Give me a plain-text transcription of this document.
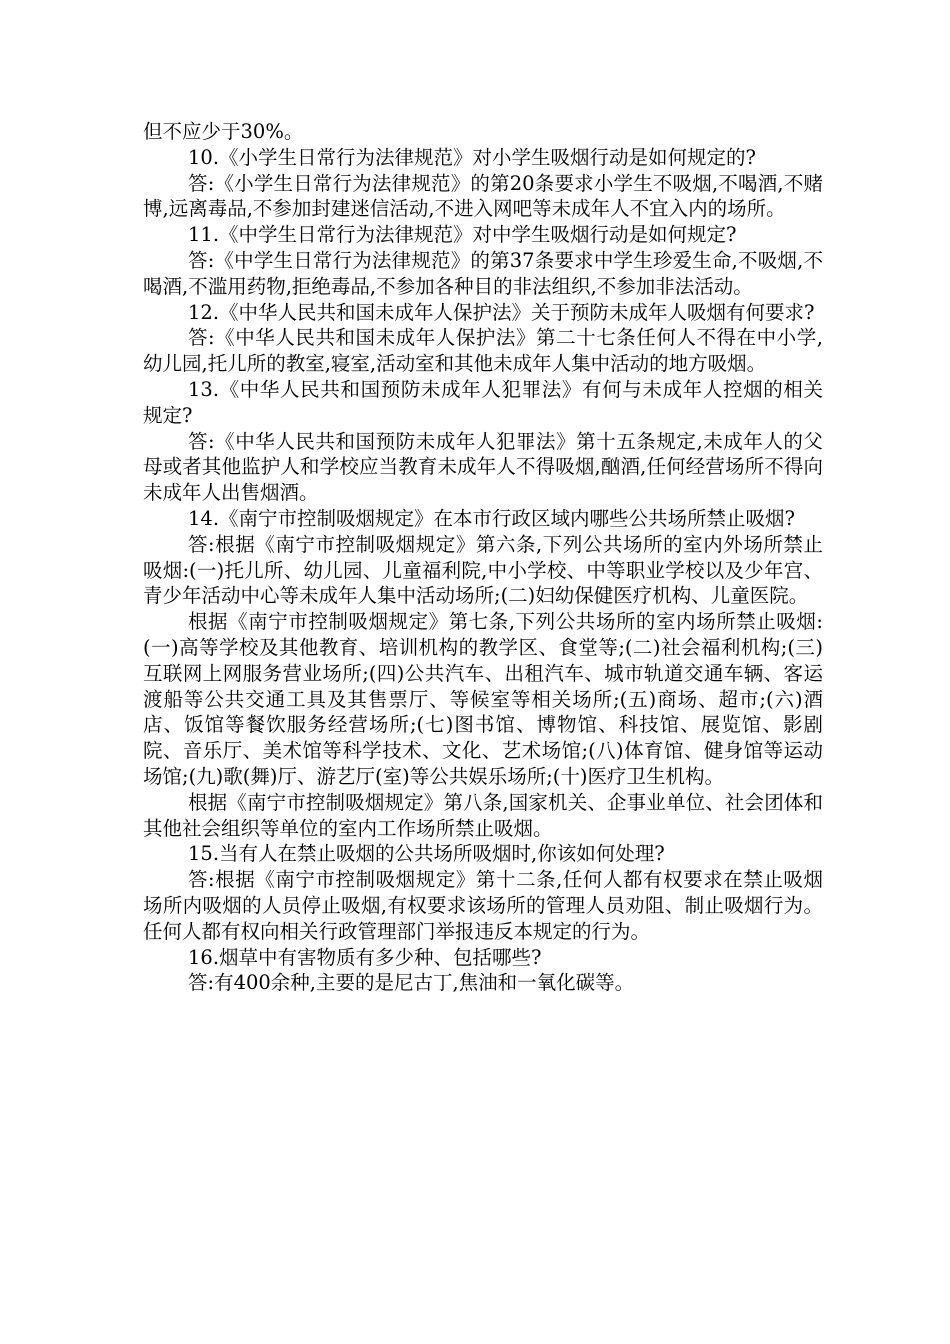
但不应少于30%。

10.《小学生日常行为法律规范》对小学生吸烟行动是如何规定的?

答:《小学生日常行为法律规范》的第20条要求小学生不吸烟,不喝酒,不赌博,远离毒品,不参加封建迷信活动,不进入网吧等未成年人不宜入内的场所。

11.《中学生日常行为法律规范》对中学生吸烟行动是如何规定?

答:《中学生日常行为法律规范》的第37条要求中学生珍爱生命,不吸烟,不喝酒,不滥用药物,拒绝毒品,不参加各种目的非法组织,不参加非法活动。

12.《中华人民共和国未成年人保护法》关于预防未成年人吸烟有何要求?

答:《中华人民共和国未成年人保护法》第二十七条任何人不得在中小学,幼儿园,托儿所的教室,寝室,活动室和其他未成年人集中活动的地方吸烟。

13.《中华人民共和国预防未成年人犯罪法》有何与未成年人控烟的相关规定?

答:《中华人民共和国预防未成年人犯罪法》第十五条规定,未成年人的父母或者其他监护人和学校应当教育未成年人不得吸烟,酗酒,任何经营场所不得向未成年人出售烟酒。

14.《南宁市控制吸烟规定》在本市行政区域内哪些公共场所禁止吸烟?

答:根据《南宁市控制吸烟规定》第六条,下列公共场所的室内外场所禁止吸烟:(一)托儿所、幼儿园、儿童福利院,中小学校、中等职业学校以及少年宫、青少年活动中心等未成年人集中活动场所;(二)妇幼保健医疗机构、儿童医院。

根据《南宁市控制吸烟规定》第七条,下列公共场所的室内场所禁止吸烟:(一)高等学校及其他教育、培训机构的教学区、食堂等;(二)社会福利机构;(三)互联网上网服务营业场所;(四)公共汽车、出租汽车、城市轨道交通车辆、客运渡船等公共交通工具及其售票厅、等候室等相关场所;(五)商场、超市;(六)酒店、饭馆等餐饮服务经营场所;(七)图书馆、博物馆、科技馆、展览馆、影剧院、音乐厅、美术馆等科学技术、文化、艺术场馆;(八)体育馆、健身馆等运动场馆;(九)歌(舞)厅、游艺厅(室)等公共娱乐场所;(十)医疗卫生机构。

根据《南宁市控制吸烟规定》第八条,国家机关、企事业单位、社会团体和其他社会组织等单位的室内工作场所禁止吸烟。

15.当有人在禁止吸烟的公共场所吸烟时,你该如何处理?

答:根据《南宁市控制吸烟规定》第十二条,任何人都有权要求在禁止吸烟场所内吸烟的人员停止吸烟,有权要求该场所的管理人员劝阻、制止吸烟行为。任何人都有权向相关行政管理部门举报违反本规定的行为。

16.烟草中有害物质有多少种、包括哪些?

答:有400余种,主要的是尼古丁,焦油和一氧化碳等。
